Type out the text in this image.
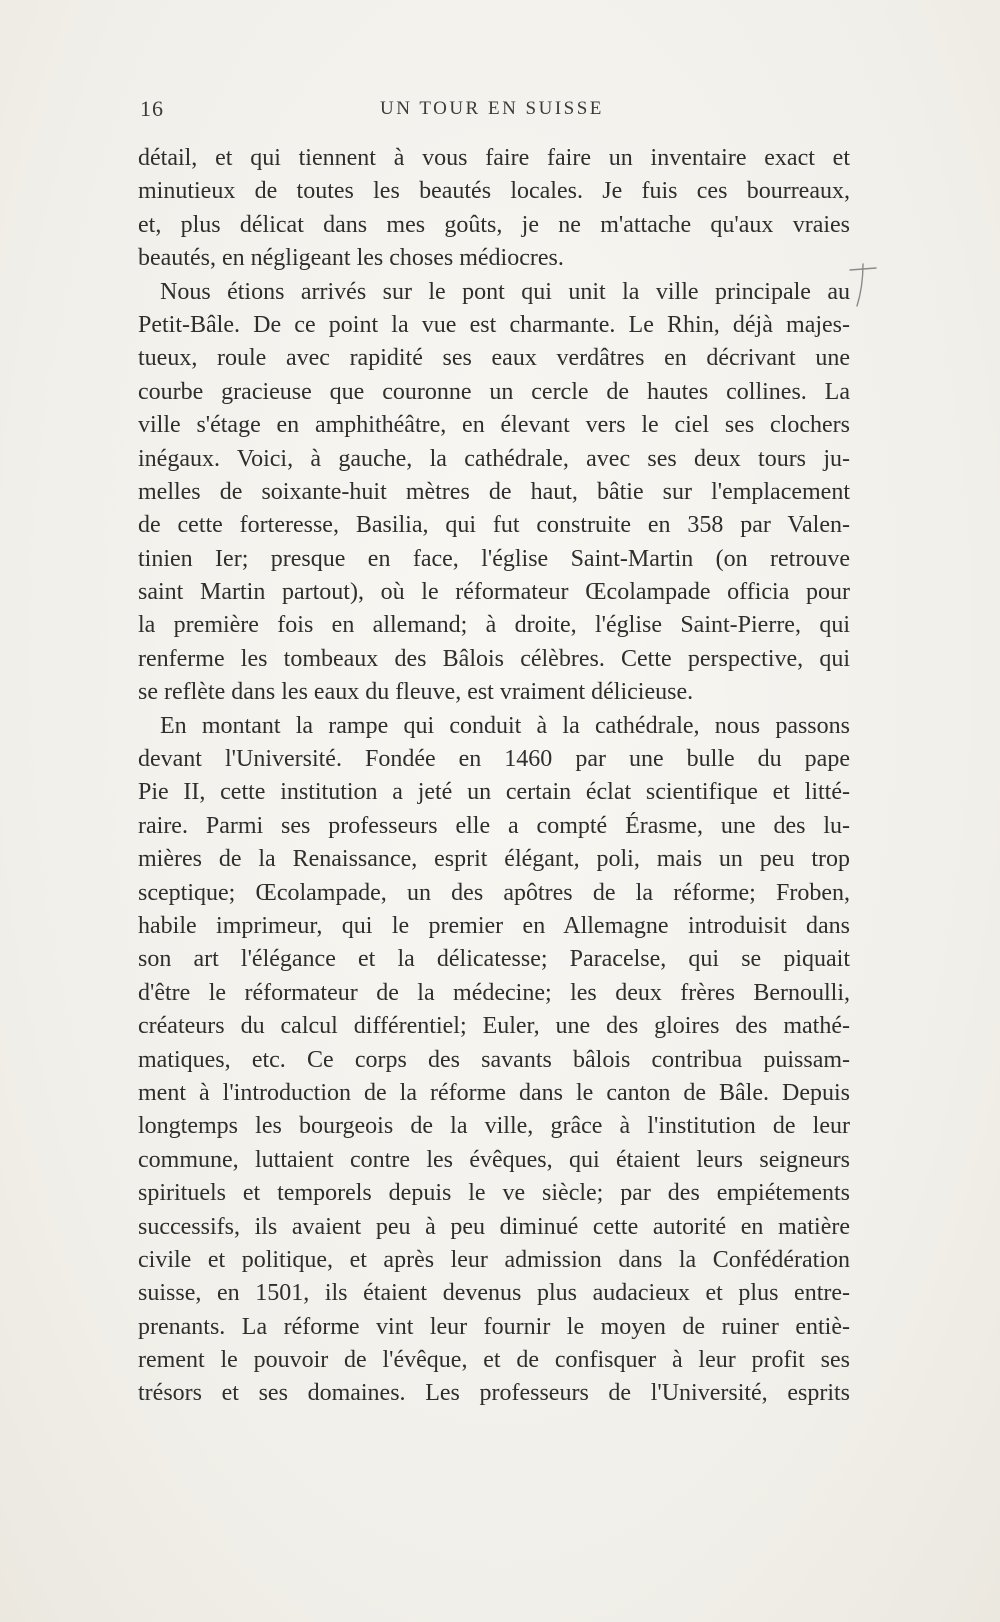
16	UN TOUR EN SUISSE
détail, et qui tiennent à vous faire faire un inventaire exact et
minutieux de toutes les beautés locales. Je fuis ces bourreaux,
et, plus délicat dans mes goûts, je ne m'attache qu'aux vraies
beautés, en négligeant les choses médiocres.
Nous étions arrivés sur le pont qui unit la ville principale au
Petit-Bâle. De ce point la vue est charmante. Le Rhin, déjà majes-
tueux, roule avec rapidité ses eaux verdâtres en décrivant une
courbe gracieuse que couronne un cercle de hautes collines. La
ville s'étage en amphithéâtre, en élevant vers le ciel ses clochers
inégaux. Voici, à gauche, la cathédrale, avec ses deux tours ju-
melles de soixante-huit mètres de haut, bâtie sur l'emplacement
de cette forteresse, Basilia, qui fut construite en 358 par Valen-
tinien Ier; presque en face, l'église Saint-Martin (on retrouve
saint Martin partout), où le réformateur Œcolampade officia pour
la première fois en allemand; à droite, l'église Saint-Pierre, qui
renferme les tombeaux des Bâlois célèbres. Cette perspective, qui
se reflète dans les eaux du fleuve, est vraiment délicieuse.
En montant la rampe qui conduit à la cathédrale, nous passons
devant l'Université. Fondée en 1460 par une bulle du pape
Pie II, cette institution a jeté un certain éclat scientifique et litté-
raire. Parmi ses professeurs elle a compté Érasme, une des lu-
mières de la Renaissance, esprit élégant, poli, mais un peu trop
sceptique; Œcolampade, un des apôtres de la réforme; Froben,
habile imprimeur, qui le premier en Allemagne introduisit dans
son art l'élégance et la délicatesse; Paracelse, qui se piquait
d'être le réformateur de la médecine; les deux frères Bernoulli,
créateurs du calcul différentiel; Euler, une des gloires des mathé-
matiques, etc. Ce corps des savants bâlois contribua puissam-
ment à l'introduction de la réforme dans le canton de Bâle. Depuis
longtemps les bourgeois de la ville, grâce à l'institution de leur
commune, luttaient contre les évêques, qui étaient leurs seigneurs
spirituels et temporels depuis le ve siècle; par des empiétements
successifs, ils avaient peu à peu diminué cette autorité en matière
civile et politique, et après leur admission dans la Confédération
suisse, en 1501, ils étaient devenus plus audacieux et plus entre-
prenants. La réforme vint leur fournir le moyen de ruiner entiè-
rement le pouvoir de l'évêque, et de confisquer à leur profit ses
trésors et ses domaines. Les professeurs de l'Université, esprits
